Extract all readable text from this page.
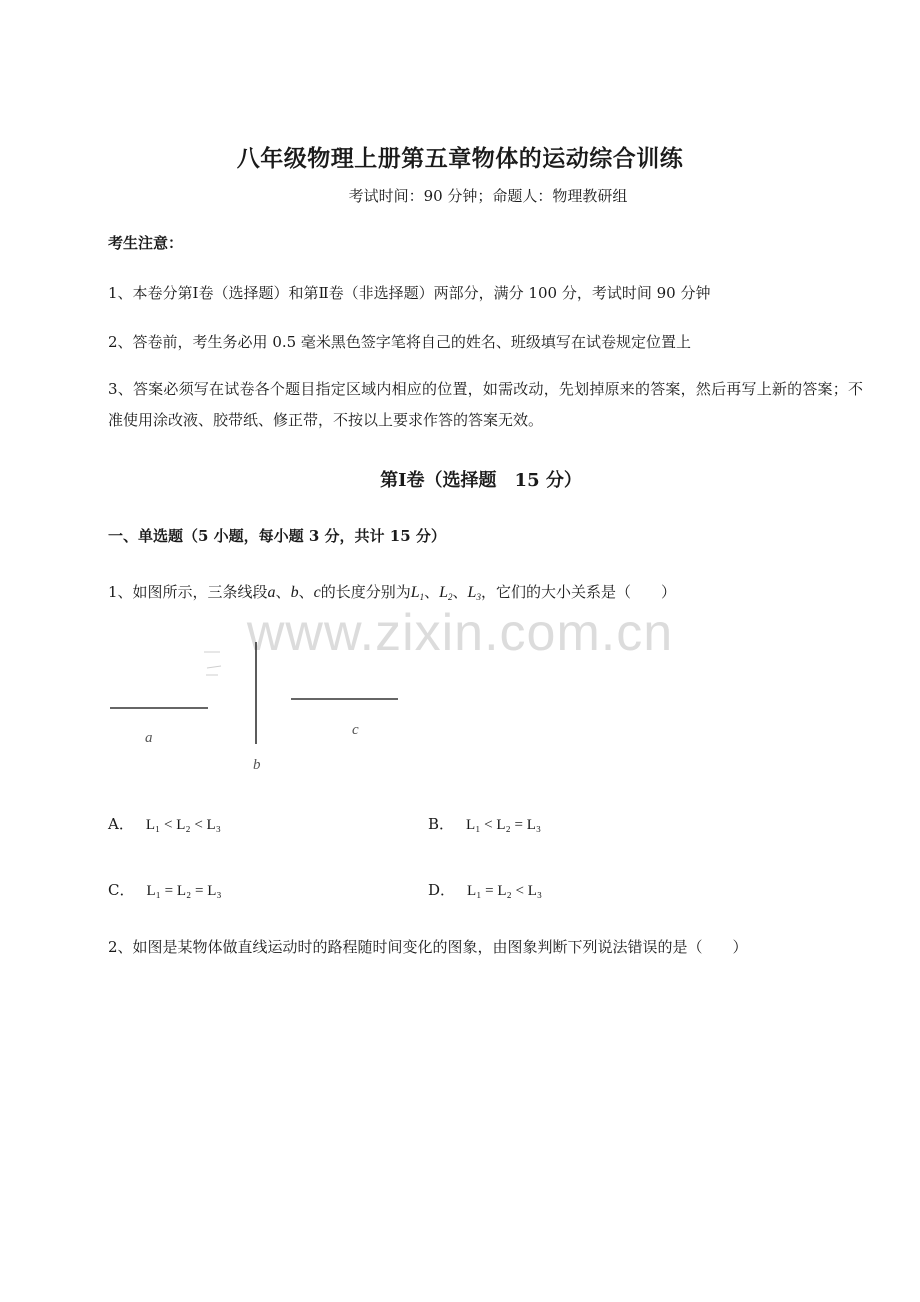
八年级物理上册第五章物体的运动综合训练
考试时间：90 分钟；命题人：物理教研组
考生注意：
1、本卷分第Ⅰ卷（选择题）和第Ⅱ卷（非选择题）两部分，满分 100 分，考试时间 90 分钟
2、答卷前，考生务必用 0.5 毫米黑色签字笔将自己的姓名、班级填写在试卷规定位置上
3、答案必须写在试卷各个题目指定区域内相应的位置，如需改动，先划掉原来的答案，然后再写上新的答案；不准使用涂改液、胶带纸、修正带，不按以上要求作答的答案无效。
第Ⅰ卷（选择题　15 分）
一、单选题（5 小题，每小题 3 分，共计 15 分）
1、如图所示，三条线段a、b、c的长度分别为$L_1$、$L_2$、$L_3$，它们的大小关系是（　　）
www.zixin.com.cn
a
b
c
A． L₁ < L₂ < L₃	B． L₁ < L₂ = L₃
C． L₁ = L₂ = L₃	D． L₁ = L₂ < L₃
2、如图是某物体做直线运动时的路程随时间变化的图象，由图象判断下列说法错误的是（　　）
